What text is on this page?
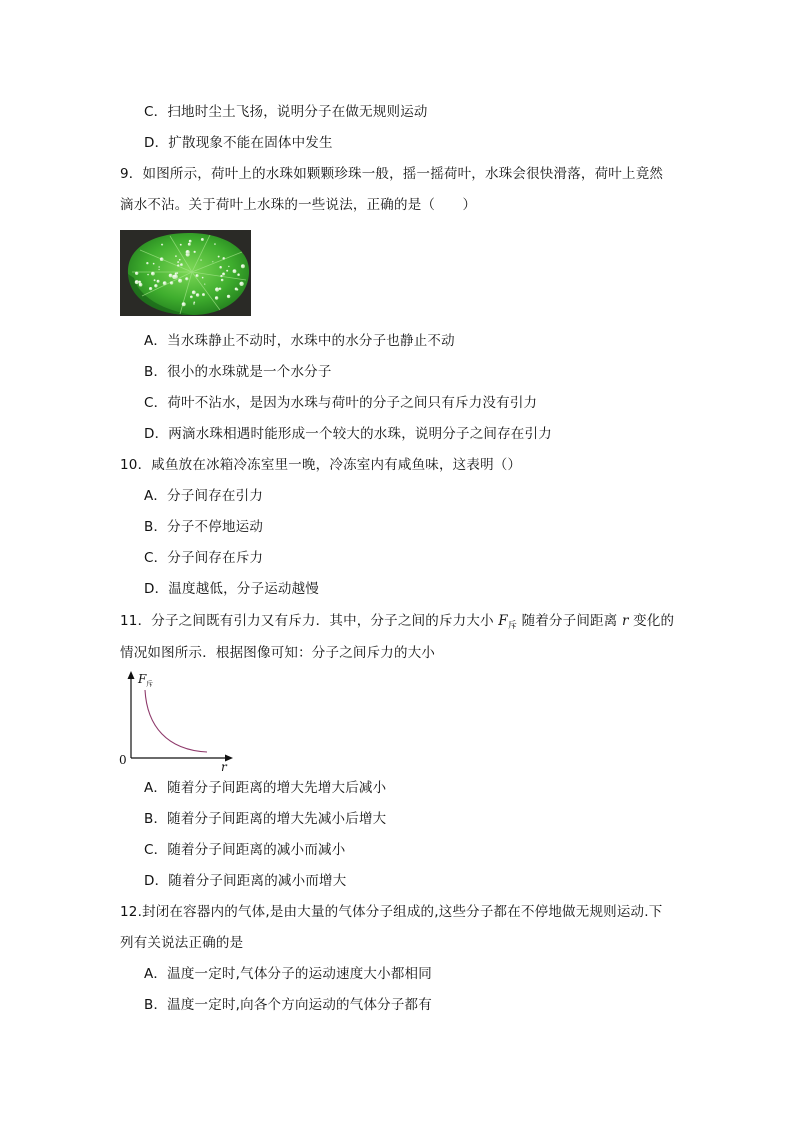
C．扫地时尘土飞扬，说明分子在做无规则运动
D．扩散现象不能在固体中发生
9．如图所示，荷叶上的水珠如颗颗珍珠一般，摇一摇荷叶，水珠会很快滑落，荷叶上竟然
滴水不沾。关于荷叶上水珠的一些说法，正确的是（　　）
A．当水珠静止不动时，水珠中的水分子也静止不动
B．很小的水珠就是一个水分子
C．荷叶不沾水，是因为水珠与荷叶的分子之间只有斥力没有引力
D．两滴水珠相遇时能形成一个较大的水珠，说明分子之间存在引力
10．咸鱼放在冰箱冷冻室里一晚，冷冻室内有咸鱼味，这表明（）
A．分子间存在引力
B．分子不停地运动
C．分子间存在斥力
D．温度越低，分子运动越慢
11．分子之间既有引力又有斥力．其中，分子之间的斥力大小 $F_斥$ 随着分子间距离 r 变化的
情况如图所示．根据图像可知：分子之间斥力的大小
F 斥
r
0
A．随着分子间距离的增大先增大后减小
B．随着分子间距离的增大先减小后增大
C．随着分子间距离的减小而减小
D．随着分子间距离的减小而增大
12.封闭在容器内的气体,是由大量的气体分子组成的,这些分子都在不停地做无规则运动.下
列有关说法正确的是
A．温度一定时,气体分子的运动速度大小都相同
B．温度一定时,向各个方向运动的气体分子都有
